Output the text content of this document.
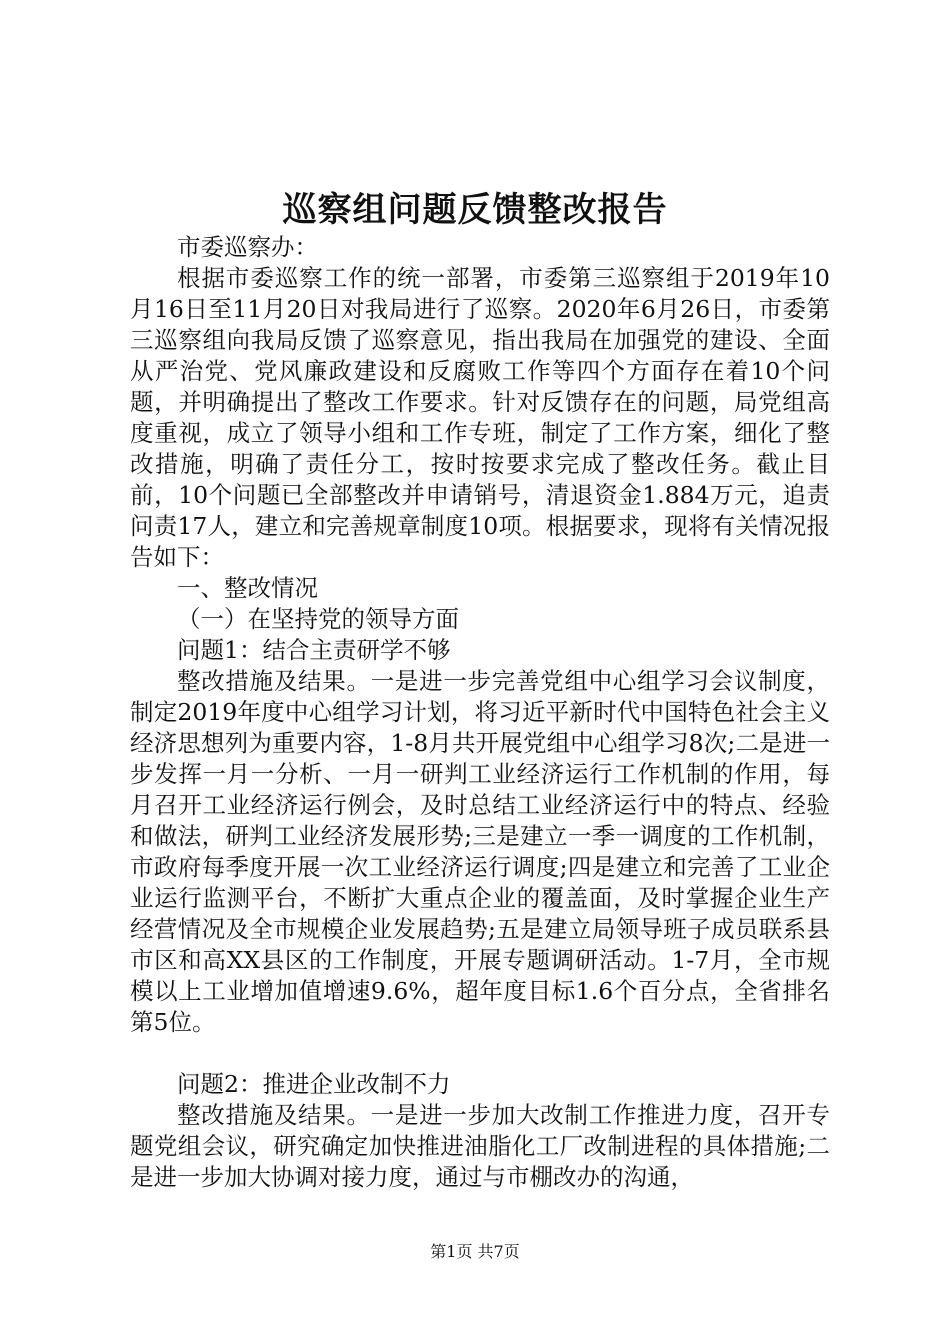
巡察组问题反馈整改报告

市委巡察办：

根据市委巡察工作的统一部署，市委第三巡察组于2019年10月16日至11月20日对我局进行了巡察。2020年6月26日，市委第三巡察组向我局反馈了巡察意见，指出我局在加强党的建设、全面从严治党、党风廉政建设和反腐败工作等四个方面存在着10个问题，并明确提出了整改工作要求。针对反馈存在的问题，局党组高度重视，成立了领导小组和工作专班，制定了工作方案，细化了整改措施，明确了责任分工，按时按要求完成了整改任务。截止目前，10个问题已全部整改并申请销号，清退资金1.884万元，追责问责17人，建立和完善规章制度10项。根据要求，现将有关情况报告如下：

一、整改情况

（一）在坚持党的领导方面

问题1：结合主责研学不够

整改措施及结果。一是进一步完善党组中心组学习会议制度，制定2019年度中心组学习计划，将习近平新时代中国特色社会主义经济思想列为重要内容，1-8月共开展党组中心组学习8次;二是进一步发挥一月一分析、一月一研判工业经济运行工作机制的作用，每月召开工业经济运行例会，及时总结工业经济运行中的特点、经验和做法，研判工业经济发展形势;三是建立一季一调度的工作机制，市政府每季度开展一次工业经济运行调度;四是建立和完善了工业企业运行监测平台，不断扩大重点企业的覆盖面，及时掌握企业生产经营情况及全市规模企业发展趋势;五是建立局领导班子成员联系县市区和高XX县区的工作制度，开展专题调研活动。1-7月，全市规模以上工业增加值增速9.6%，超年度目标1.6个百分点，全省排名第5位。

问题2：推进企业改制不力

整改措施及结果。一是进一步加大改制工作推进力度，召开专题党组会议，研究确定加快推进油脂化工厂改制进程的具体措施;二是进一步加大协调对接力度，通过与市棚改办的沟通，

第1页 共7页
